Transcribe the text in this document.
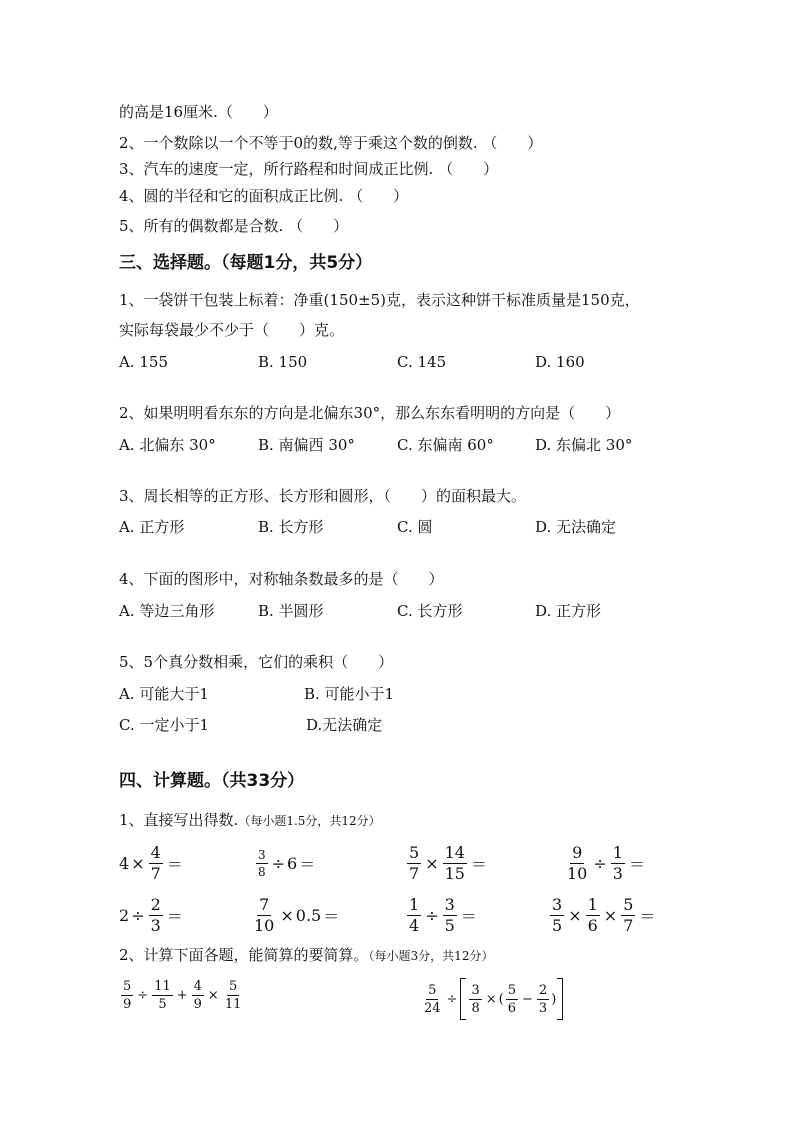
的高是16厘米.（　　）
2、一个数除以一个不等于0的数,等于乘这个数的倒数. （　　）
3、汽车的速度一定，所行路程和时间成正比例. （　　）
4、圆的半径和它的面积成正比例. （　　）
5、所有的偶数都是合数. （　　）
三、选择题。（每题1分，共5分）
1、一袋饼干包装上标着：净重(150±5)克，表示这种饼干标准质量是150克，
实际每袋最少不少于（　　）克。
A. 155	B. 150	C. 145	D. 160
2、如果明明看东东的方向是北偏东30°，那么东东看明明的方向是（　　）
A. 北偏东 30°	B. 南偏西 30°	C. 东偏南 60°	D. 东偏北 30°
3、周长相等的正方形、长方形和圆形，（　　）的面积最大。
A. 正方形	B. 长方形	C. 圆	D. 无法确定
4、下面的图形中，对称轴条数最多的是（　　）
A. 等边三角形	B. 半圆形	C. 长方形	D. 正方形
5、5个真分数相乘，它们的乘积（　　）
A. 可能大于1	B. 可能小于1
C. 一定小于1	D.无法确定
四、计算题。（共33分）
1、直接写出得数.（每小题1.5分，共12分）
$4 \times \frac{4}{7}$ ＝	$\frac{3}{8} \div 6$ ＝	$\frac{5}{7} \times \frac{14}{15}$ ＝	$\frac{9}{10} \div \frac{1}{3}$ ＝
$2 \div \frac{2}{3}$ ＝	$\frac{7}{10} \times 0.5$ ＝	$\frac{1}{4} \div \frac{3}{5}$ ＝	$\frac{3}{5} \times \frac{1}{6} \times \frac{5}{7}$ ＝
2、计算下面各题，能简算的要简算。（每小题3分，共12分）
$\frac{5}{9} \div \frac{11}{5} + \frac{4}{9} \times \frac{5}{11}$	$\frac{5}{24} \div \frac{3}{8}$ × ( $\frac{5}{6} - \frac{2}{3}$ )
